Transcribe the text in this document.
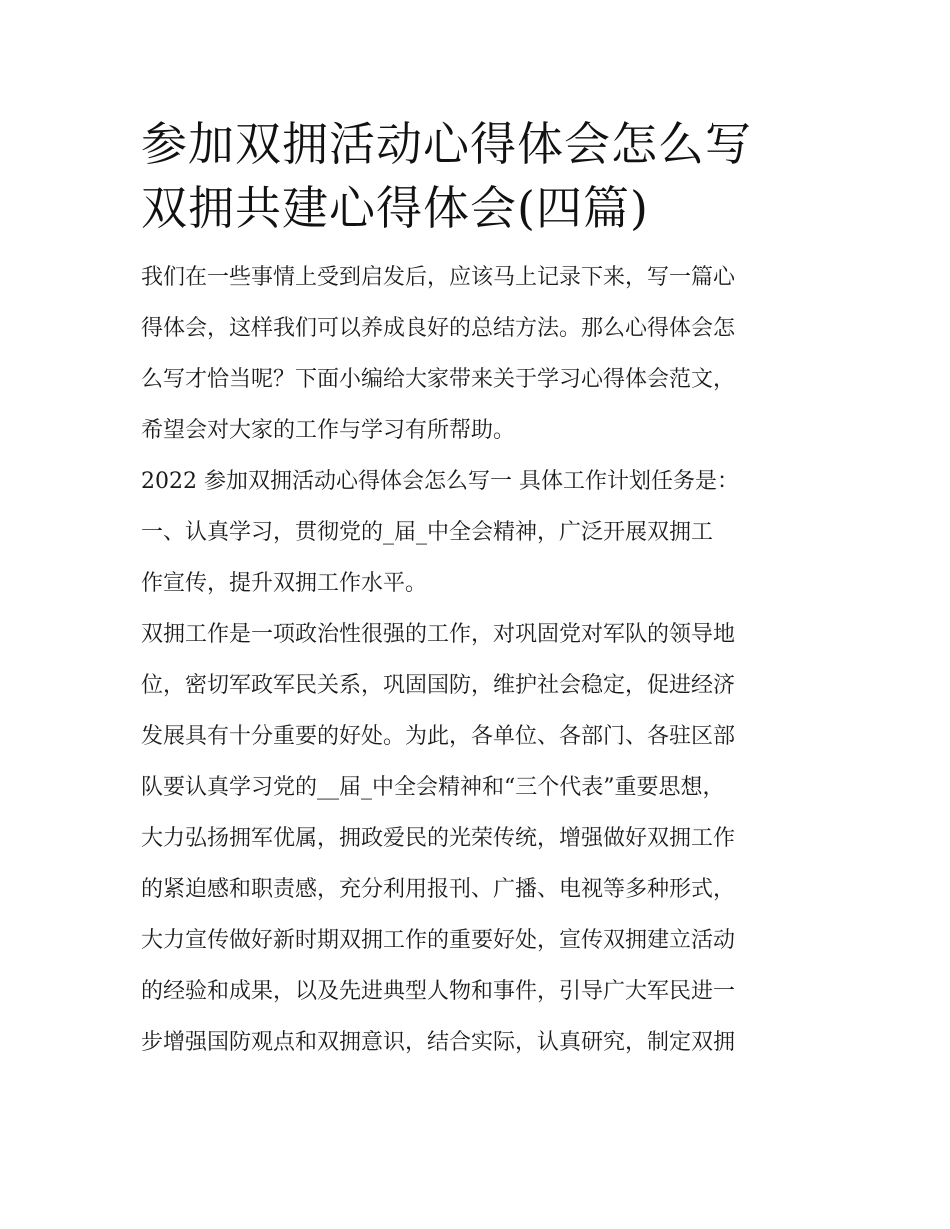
参加双拥活动心得体会怎么写
双拥共建心得体会(四篇)
我们在一些事情上受到启发后，应该马上记录下来，写一篇心
得体会，这样我们可以养成良好的总结方法。那么心得体会怎
么写才恰当呢？下面小编给大家带来关于学习心得体会范文，
希望会对大家的工作与学习有所帮助。
2022 参加双拥活动心得体会怎么写一 具体工作计划任务是：
一、认真学习，贯彻党的_届_中全会精神，广泛开展双拥工
作宣传，提升双拥工作水平。
双拥工作是一项政治性很强的工作，对巩固党对军队的领导地
位，密切军政军民关系，巩固国防，维护社会稳定，促进经济
发展具有十分重要的好处。为此，各单位、各部门、各驻区部
队要认真学习党的__届_中全会精神和“三个代表”重要思想，
大力弘扬拥军优属，拥政爱民的光荣传统，增强做好双拥工作
的紧迫感和职责感，充分利用报刊、广播、电视等多种形式，
大力宣传做好新时期双拥工作的重要好处，宣传双拥建立活动
的经验和成果，以及先进典型人物和事件，引导广大军民进一
步增强国防观点和双拥意识，结合实际，认真研究，制定双拥
